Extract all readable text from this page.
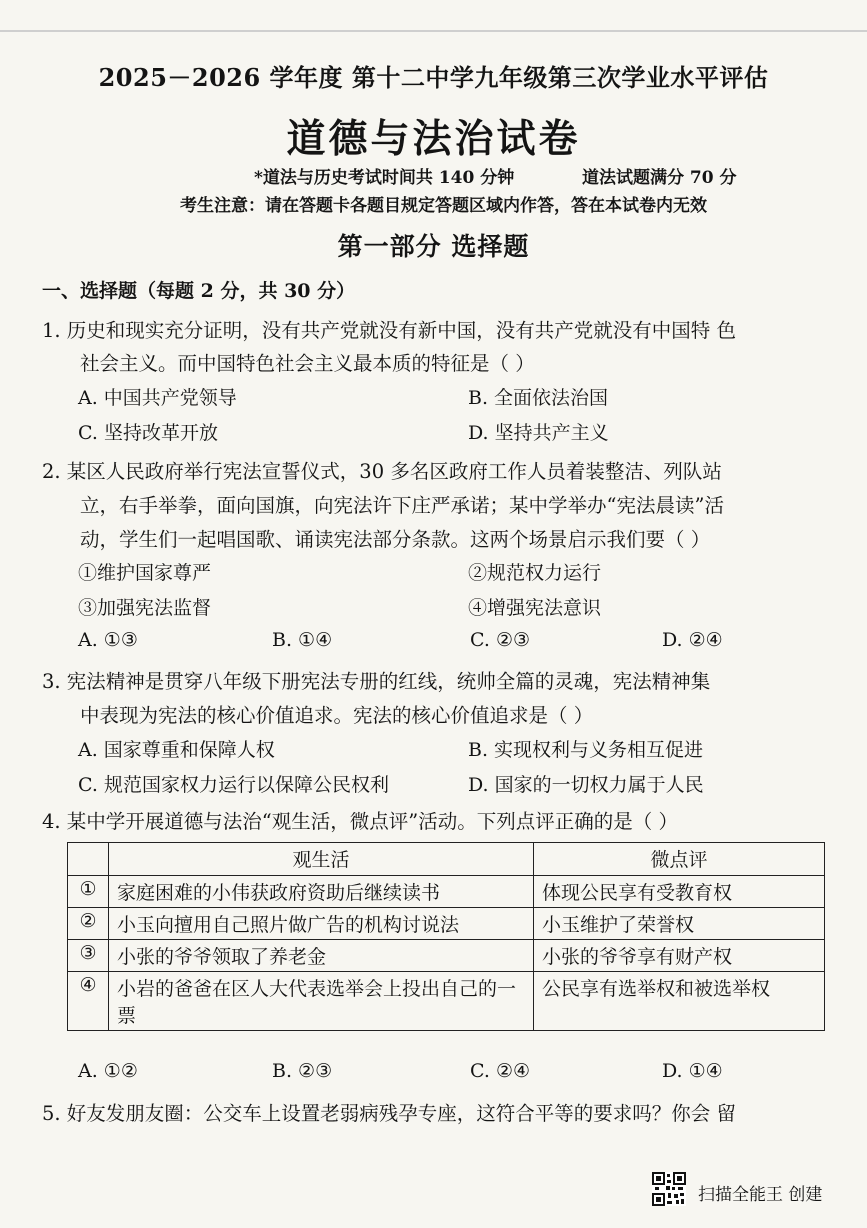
2025－2026 学年度 第十二中学九年级第三次学业水平评估
道德与法治试卷
*道法与历史考试时间共 140 分钟	道法试题满分 70 分
考生注意：请在答题卡各题目规定答题区域内作答，答在本试卷内无效
第一部分 选择题
一、选择题（每题 2 分，共 30 分）
1. 历史和现实充分证明，没有共产党就没有新中国，没有共产党就没有中国特 色
社会主义。而中国特色社会主义最本质的特征是（ ）
A. 中国共产党领导	B. 全面依法治国
C. 坚持改革开放	D. 坚持共产主义
2. 某区人民政府举行宪法宣誓仪式，30 多名区政府工作人员着装整洁、列队站
立，右手举拳，面向国旗，向宪法许下庄严承诺；某中学举办“宪法晨读”活
动，学生们一起唱国歌、诵读宪法部分条款。这两个场景启示我们要（ ）
①维护国家尊严	②规范权力运行
③加强宪法监督	④增强宪法意识
A. ①③	B. ①④	C. ②③	D. ②④
3. 宪法精神是贯穿八年级下册宪法专册的红线，统帅全篇的灵魂，宪法精神集
中表现为宪法的核心价值追求。宪法的核心价值追求是（ ）
A. 国家尊重和保障人权	B. 实现权利与义务相互促进
C. 规范国家权力运行以保障公民权利	D. 国家的一切权力属于人民
4. 某中学开展道德与法治“观生活，微点评”活动。下列点评正确的是（ ）
	观生活	微点评
①	家庭困难的小伟获政府资助后继续读书	体现公民享有受教育权
②	小玉向擅用自己照片做广告的机构讨说法	小玉维护了荣誉权
③	小张的爷爷领取了养老金	小张的爷爷享有财产权
④	小岩的爸爸在区人大代表选举会上投出自己的一票	公民享有选举权和被选举权
A. ①②	B. ②③	C. ②④	D. ①④
5. 好友发朋友圈：公交车上设置老弱病残孕专座，这符合平等的要求吗？你会 留
扫描全能王 创建
